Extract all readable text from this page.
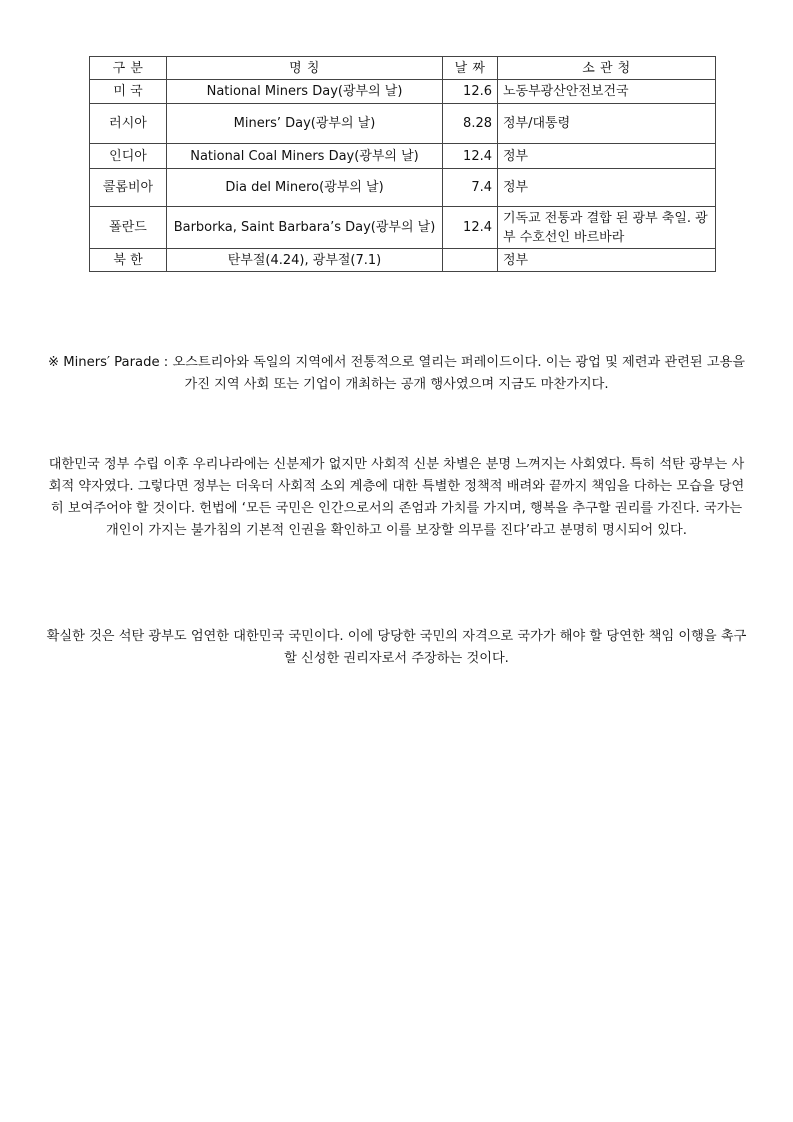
구 분	명 칭	날 짜	소 관 청
미 국	National Miners Day(광부의 날)	12.6	노동부광산안전보건국
러시아	Miners’ Day(광부의 날)	8.28	정부/대통령
인디아	National Coal Miners Day(광부의 날)	12.4	정부
콜롬비아	Dia del Minero(광부의 날)	7.4	정부
폴란드	Barborka, Saint Barbara’s Day(광부의 날)	12.4	기독교 전통과 결합 된 광부 축일. 광부 수호선인 바르바라
북 한	탄부절(4.24), 광부절(7.1)		정부

※ Miners′ Parade : 오스트리아와 독일의 지역에서 전통적으로 열리는 퍼레이드이다. 이는 광업 및 제련과 관련된 고용을 가진 지역 사회 또는 기업이 개최하는 공개 행사였으며 지금도 마찬가지다.

대한민국 정부 수립 이후 우리나라에는 신분제가 없지만 사회적 신분 차별은 분명 느껴지는 사회였다. 특히 석탄 광부는 사회적 약자였다. 그렇다면 정부는 더욱더 사회적 소외 계층에 대한 특별한 정책적 배려와 끝까지 책임을 다하는 모습을 당연히 보여주어야 할 것이다. 헌법에 ‘모든 국민은 인간으로서의 존엄과 가치를 가지며, 행복을 추구할 권리를 가진다. 국가는 개인이 가지는 불가침의 기본적 인권을 확인하고 이를 보장할 의무를 진다’라고 분명히 명시되어 있다.

확실한 것은 석탄 광부도 엄연한 대한민국 국민이다. 이에 당당한 국민의 자격으로 국가가 해야 할 당연한 책임 이행을 촉구할 신성한 권리자로서 주장하는 것이다.
